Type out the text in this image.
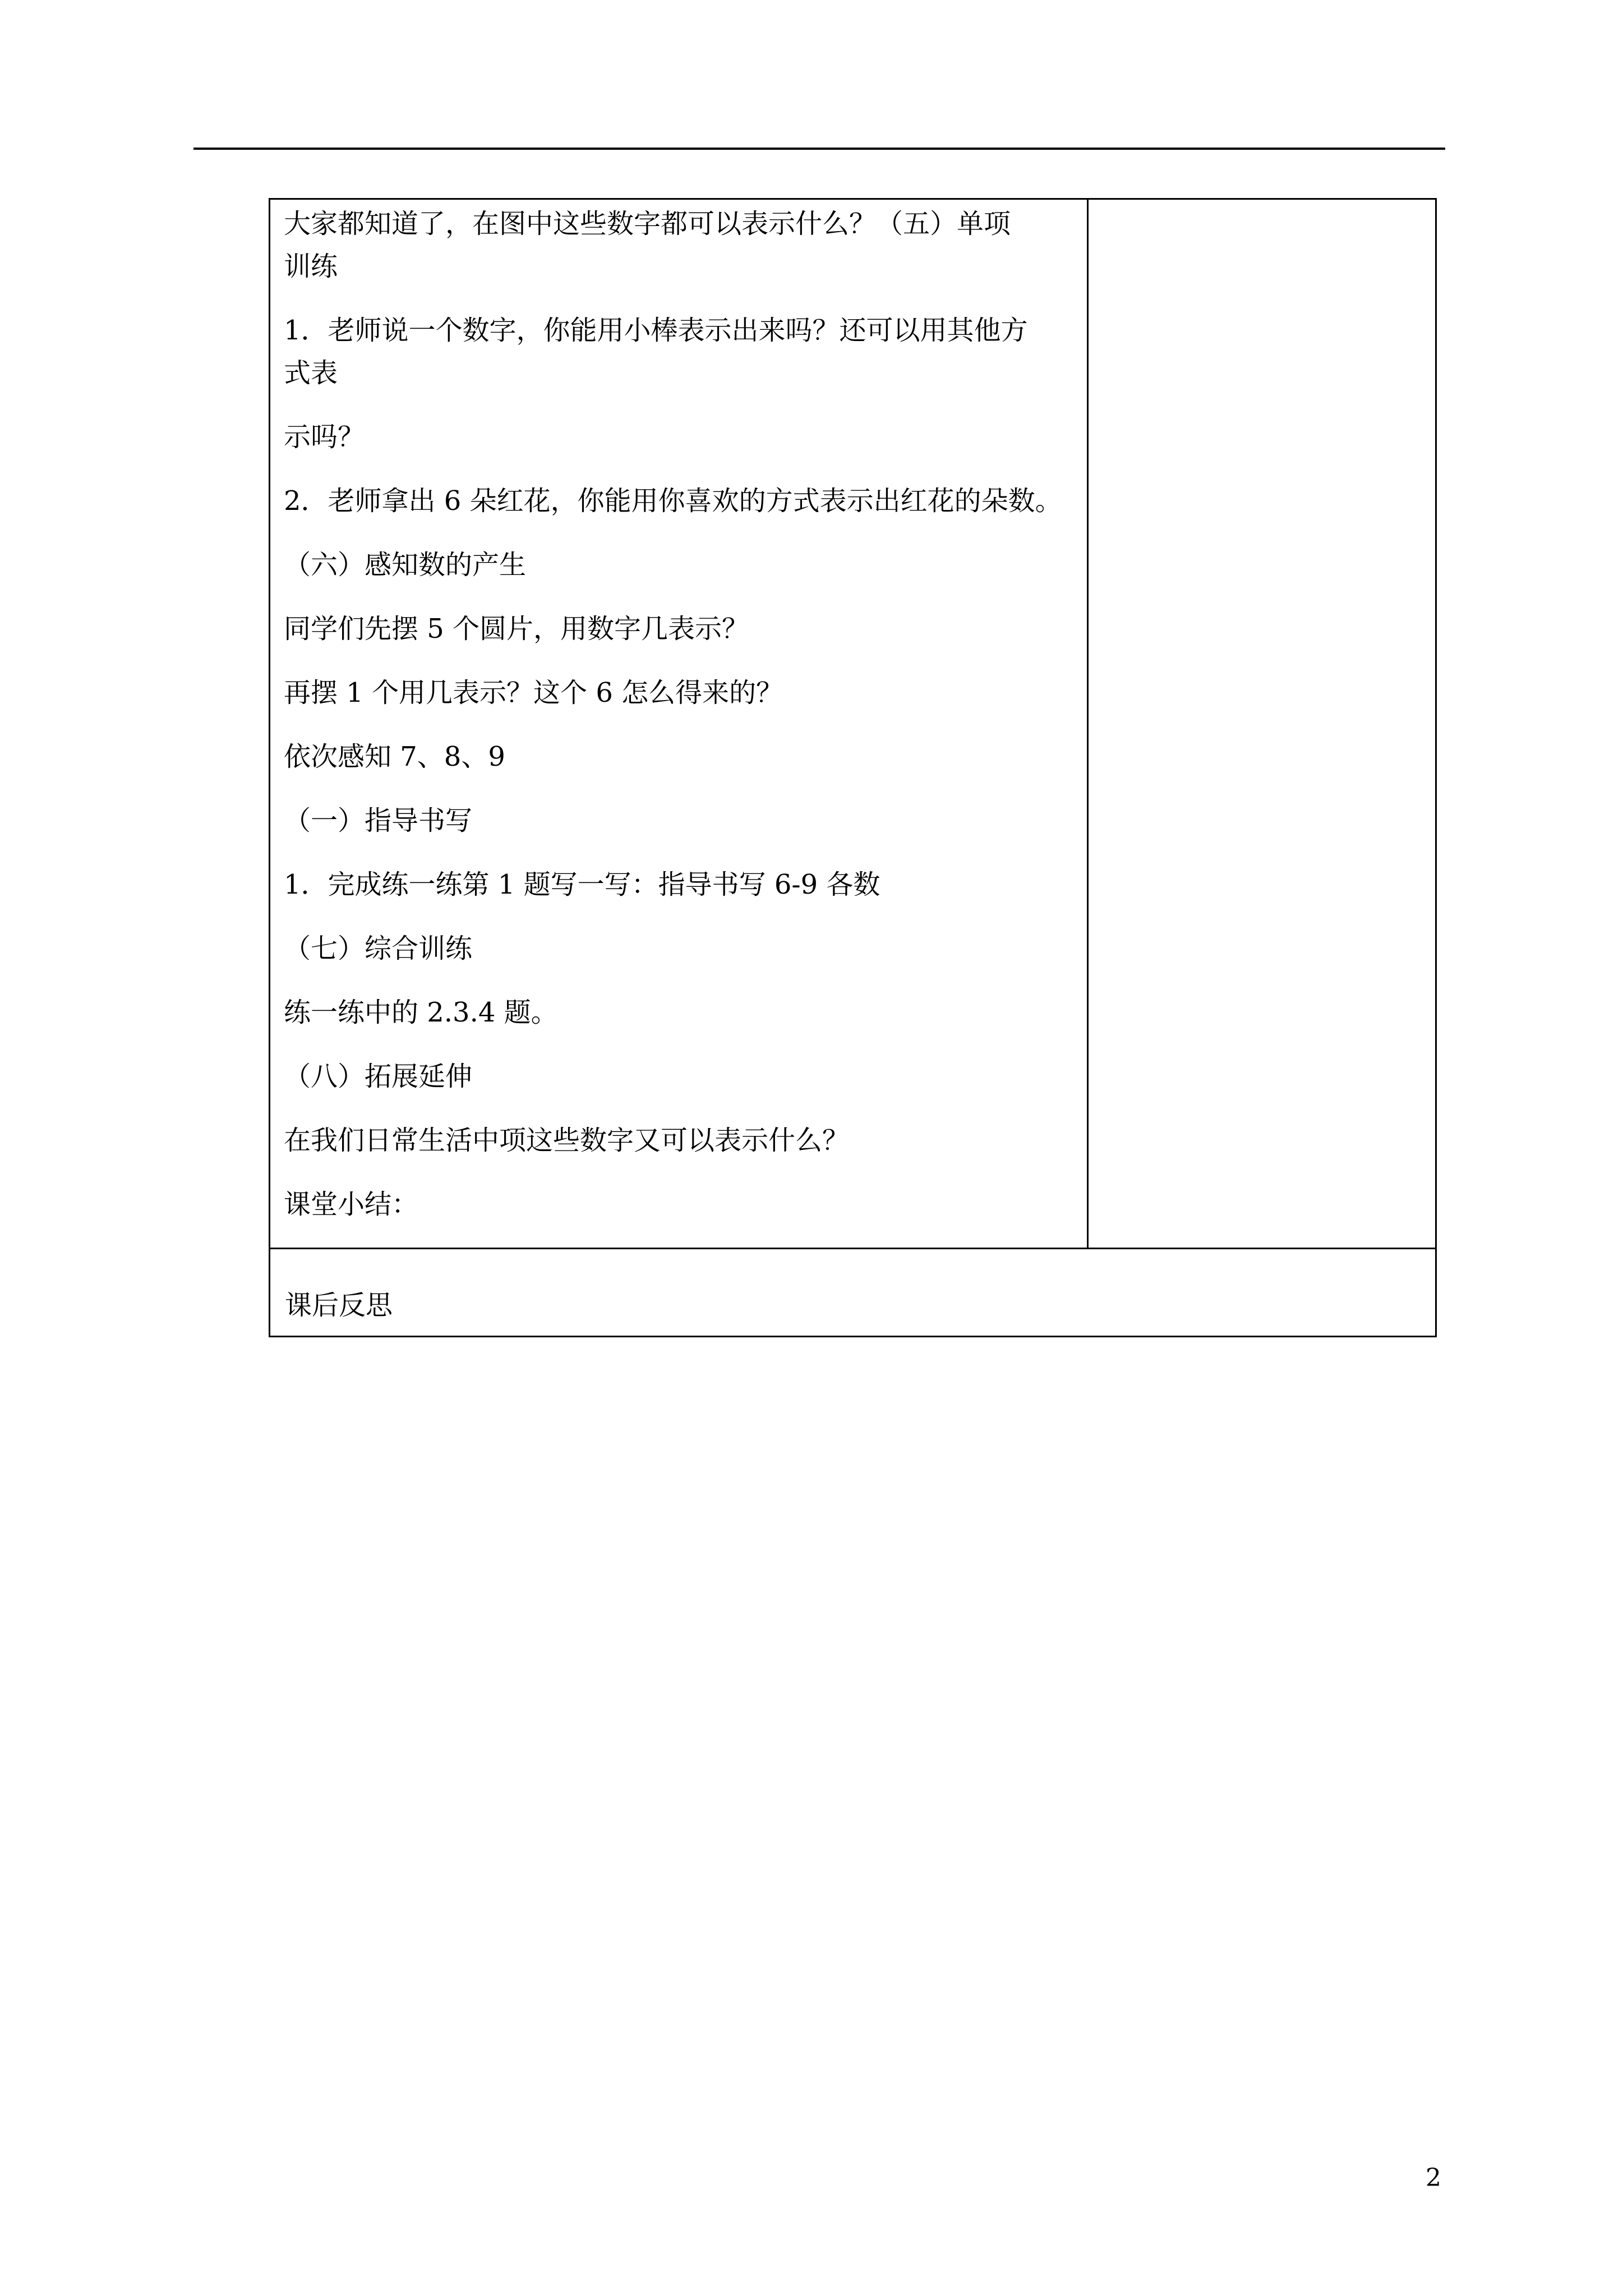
大家都知道了，在图中这些数字都可以表示什么？（五）单项

训练

1．老师说一个数字，你能用小棒表示出来吗？还可以用其他方

式表

示吗？

2．老师拿出 6 朵红花，你能用你喜欢的方式表示出红花的朵数。

（六）感知数的产生

同学们先摆 5 个圆片，用数字几表示？

再摆 1 个用几表示？这个 6 怎么得来的？

依次感知 7、8、9

（一）指导书写

1．完成练一练第 1 题写一写：指导书写 6-9 各数

（七）综合训练

练一练中的 2.3.4 题。

（八）拓展延伸

在我们日常生活中项这些数字又可以表示什么？

课堂小结：

课后反思

2
